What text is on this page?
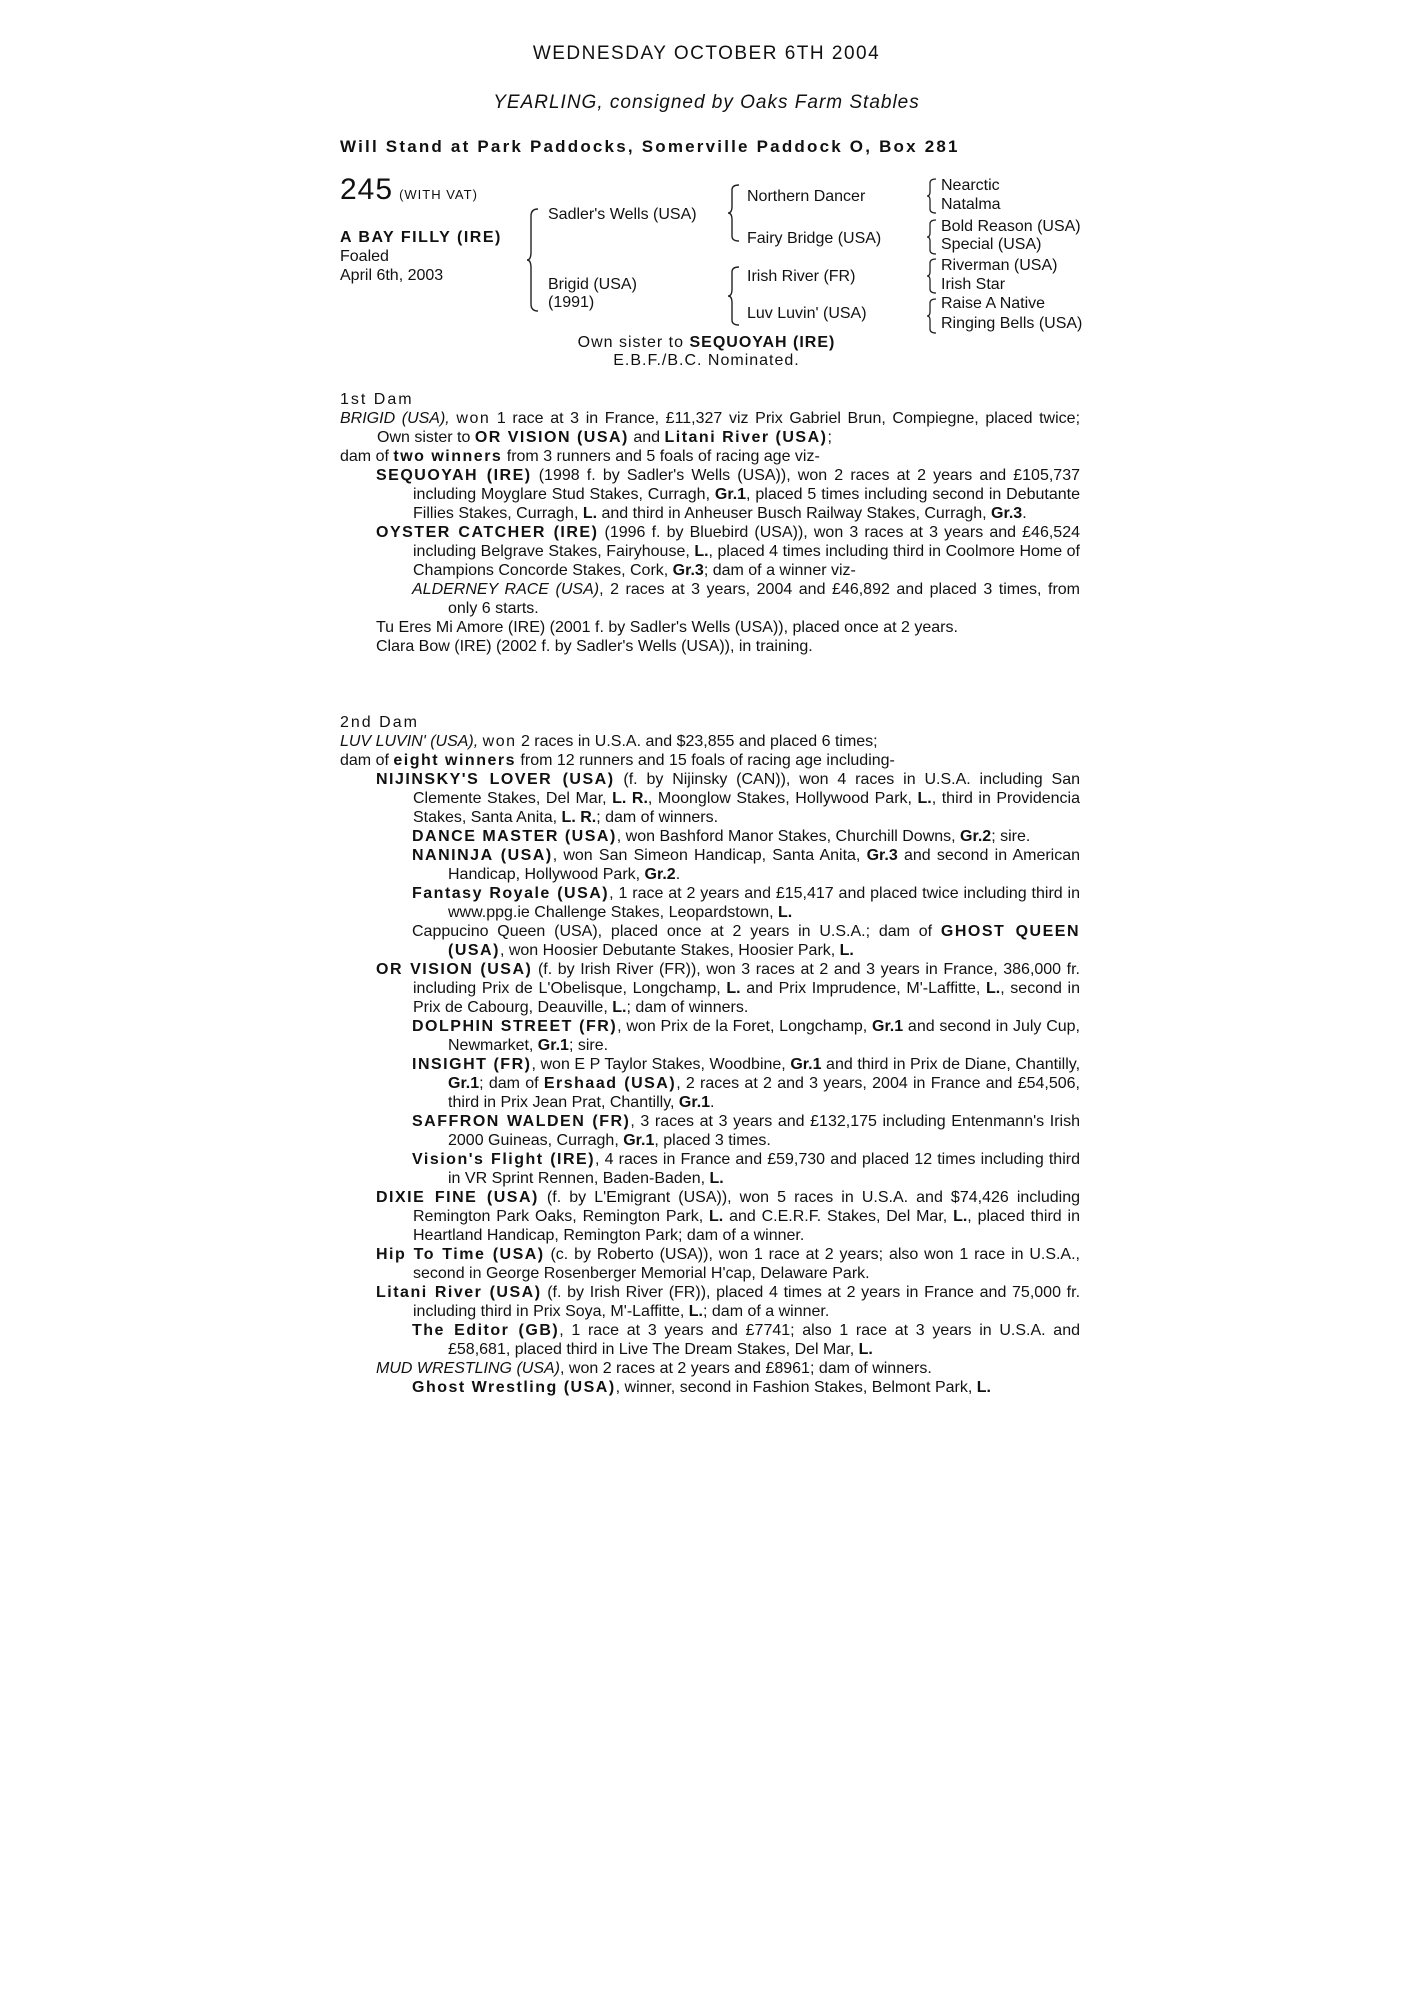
WEDNESDAY OCTOBER 6TH 2004
YEARLING, consigned by Oaks Farm Stables
Will Stand at Park Paddocks, Somerville Paddock O, Box 281
245 (WITH VAT)
A BAY FILLY (IRE)
Foaled
April 6th, 2003
Sadler's Wells (USA)
Brigid (USA)
(1991)
Northern Dancer
Fairy Bridge (USA)
Irish River (FR)
Luv Luvin' (USA)
Nearctic
Natalma
Bold Reason (USA)
Special (USA)
Riverman (USA)
Irish Star
Raise A Native
Ringing Bells (USA)
Own sister to SEQUOYAH (IRE)
E.B.F./B.C. Nominated.
1st Dam
BRIGID (USA), won 1 race at 3 in France, £11,327 viz Prix Gabriel Brun, Compiegne, placed twice; Own sister to OR VISION (USA) and Litani River (USA);
dam of two winners from 3 runners and 5 foals of racing age viz-
SEQUOYAH (IRE) (1998 f. by Sadler's Wells (USA)), won 2 races at 2 years and £105,737 including Moyglare Stud Stakes, Curragh, Gr.1, placed 5 times including second in Debutante Fillies Stakes, Curragh, L. and third in Anheuser Busch Railway Stakes, Curragh, Gr.3.
OYSTER CATCHER (IRE) (1996 f. by Bluebird (USA)), won 3 races at 3 years and £46,524 including Belgrave Stakes, Fairyhouse, L., placed 4 times including third in Coolmore Home of Champions Concorde Stakes, Cork, Gr.3; dam of a winner viz-
ALDERNEY RACE (USA), 2 races at 3 years, 2004 and £46,892 and placed 3 times, from only 6 starts.
Tu Eres Mi Amore (IRE) (2001 f. by Sadler's Wells (USA)), placed once at 2 years.
Clara Bow (IRE) (2002 f. by Sadler's Wells (USA)), in training.
2nd Dam
LUV LUVIN' (USA), won 2 races in U.S.A. and $23,855 and placed 6 times;
dam of eight winners from 12 runners and 15 foals of racing age including-
NIJINSKY'S LOVER (USA) (f. by Nijinsky (CAN)), won 4 races in U.S.A. including San Clemente Stakes, Del Mar, L. R., Moonglow Stakes, Hollywood Park, L., third in Providencia Stakes, Santa Anita, L. R.; dam of winners.
DANCE MASTER (USA), won Bashford Manor Stakes, Churchill Downs, Gr.2; sire.
NANINJA (USA), won San Simeon Handicap, Santa Anita, Gr.3 and second in American Handicap, Hollywood Park, Gr.2.
Fantasy Royale (USA), 1 race at 2 years and £15,417 and placed twice including third in www.ppg.ie Challenge Stakes, Leopardstown, L.
Cappucino Queen (USA), placed once at 2 years in U.S.A.; dam of GHOST QUEEN (USA), won Hoosier Debutante Stakes, Hoosier Park, L.
OR VISION (USA) (f. by Irish River (FR)), won 3 races at 2 and 3 years in France, 386,000 fr. including Prix de L'Obelisque, Longchamp, L. and Prix Imprudence, M'-Laffitte, L., second in Prix de Cabourg, Deauville, L.; dam of winners.
DOLPHIN STREET (FR), won Prix de la Foret, Longchamp, Gr.1 and second in July Cup, Newmarket, Gr.1; sire.
INSIGHT (FR), won E P Taylor Stakes, Woodbine, Gr.1 and third in Prix de Diane, Chantilly, Gr.1; dam of Ershaad (USA), 2 races at 2 and 3 years, 2004 in France and £54,506, third in Prix Jean Prat, Chantilly, Gr.1.
SAFFRON WALDEN (FR), 3 races at 3 years and £132,175 including Entenmann's Irish 2000 Guineas, Curragh, Gr.1, placed 3 times.
Vision's Flight (IRE), 4 races in France and £59,730 and placed 12 times including third in VR Sprint Rennen, Baden-Baden, L.
DIXIE FINE (USA) (f. by L'Emigrant (USA)), won 5 races in U.S.A. and $74,426 including Remington Park Oaks, Remington Park, L. and C.E.R.F. Stakes, Del Mar, L., placed third in Heartland Handicap, Remington Park; dam of a winner.
Hip To Time (USA) (c. by Roberto (USA)), won 1 race at 2 years; also won 1 race in U.S.A., second in George Rosenberger Memorial H'cap, Delaware Park.
Litani River (USA) (f. by Irish River (FR)), placed 4 times at 2 years in France and 75,000 fr. including third in Prix Soya, M'-Laffitte, L.; dam of a winner.
The Editor (GB), 1 race at 3 years and £7741; also 1 race at 3 years in U.S.A. and £58,681, placed third in Live The Dream Stakes, Del Mar, L.
MUD WRESTLING (USA), won 2 races at 2 years and £8961; dam of winners.
Ghost Wrestling (USA), winner, second in Fashion Stakes, Belmont Park, L.
